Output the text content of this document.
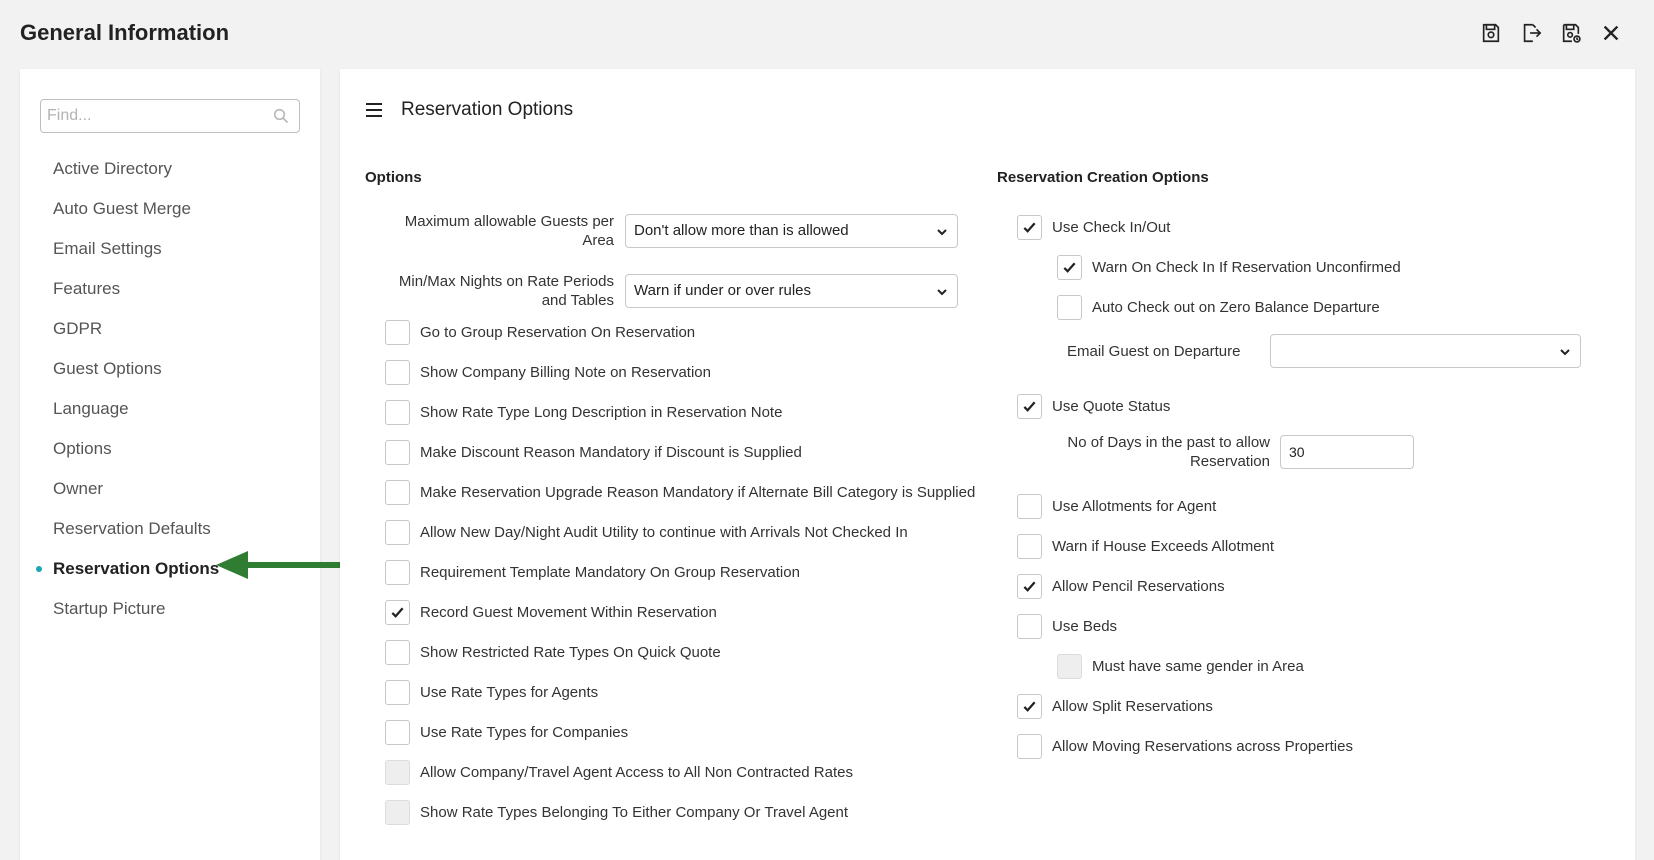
General Information
Find...
Active Directory
Auto Guest Merge
Email Settings
Features
GDPR
Guest Options
Language
Options
Owner
Reservation Defaults
Reservation Options
Startup Picture
Reservation Options
Options
Maximum allowable Guests per
Area
Don't allow more than is allowed
Min/Max Nights on Rate Periods
and Tables
Warn if under or over rules
Go to Group Reservation On Reservation
Show Company Billing Note on Reservation
Show Rate Type Long Description in Reservation Note
Make Discount Reason Mandatory if Discount is Supplied
Make Reservation Upgrade Reason Mandatory if Alternate Bill Category is Supplied
Allow New Day/Night Audit Utility to continue with Arrivals Not Checked In
Requirement Template Mandatory On Group Reservation
Record Guest Movement Within Reservation
Show Restricted Rate Types On Quick Quote
Use Rate Types for Agents
Use Rate Types for Companies
Allow Company/Travel Agent Access to All Non Contracted Rates
Show Rate Types Belonging To Either Company Or Travel Agent
Reservation Creation Options
Use Check In/Out
Warn On Check In If Reservation Unconfirmed
Auto Check out on Zero Balance Departure
Email Guest on Departure
Use Quote Status
No of Days in the past to allow
Reservation
30
Use Allotments for Agent
Warn if House Exceeds Allotment
Allow Pencil Reservations
Use Beds
Must have same gender in Area
Allow Split Reservations
Allow Moving Reservations across Properties
